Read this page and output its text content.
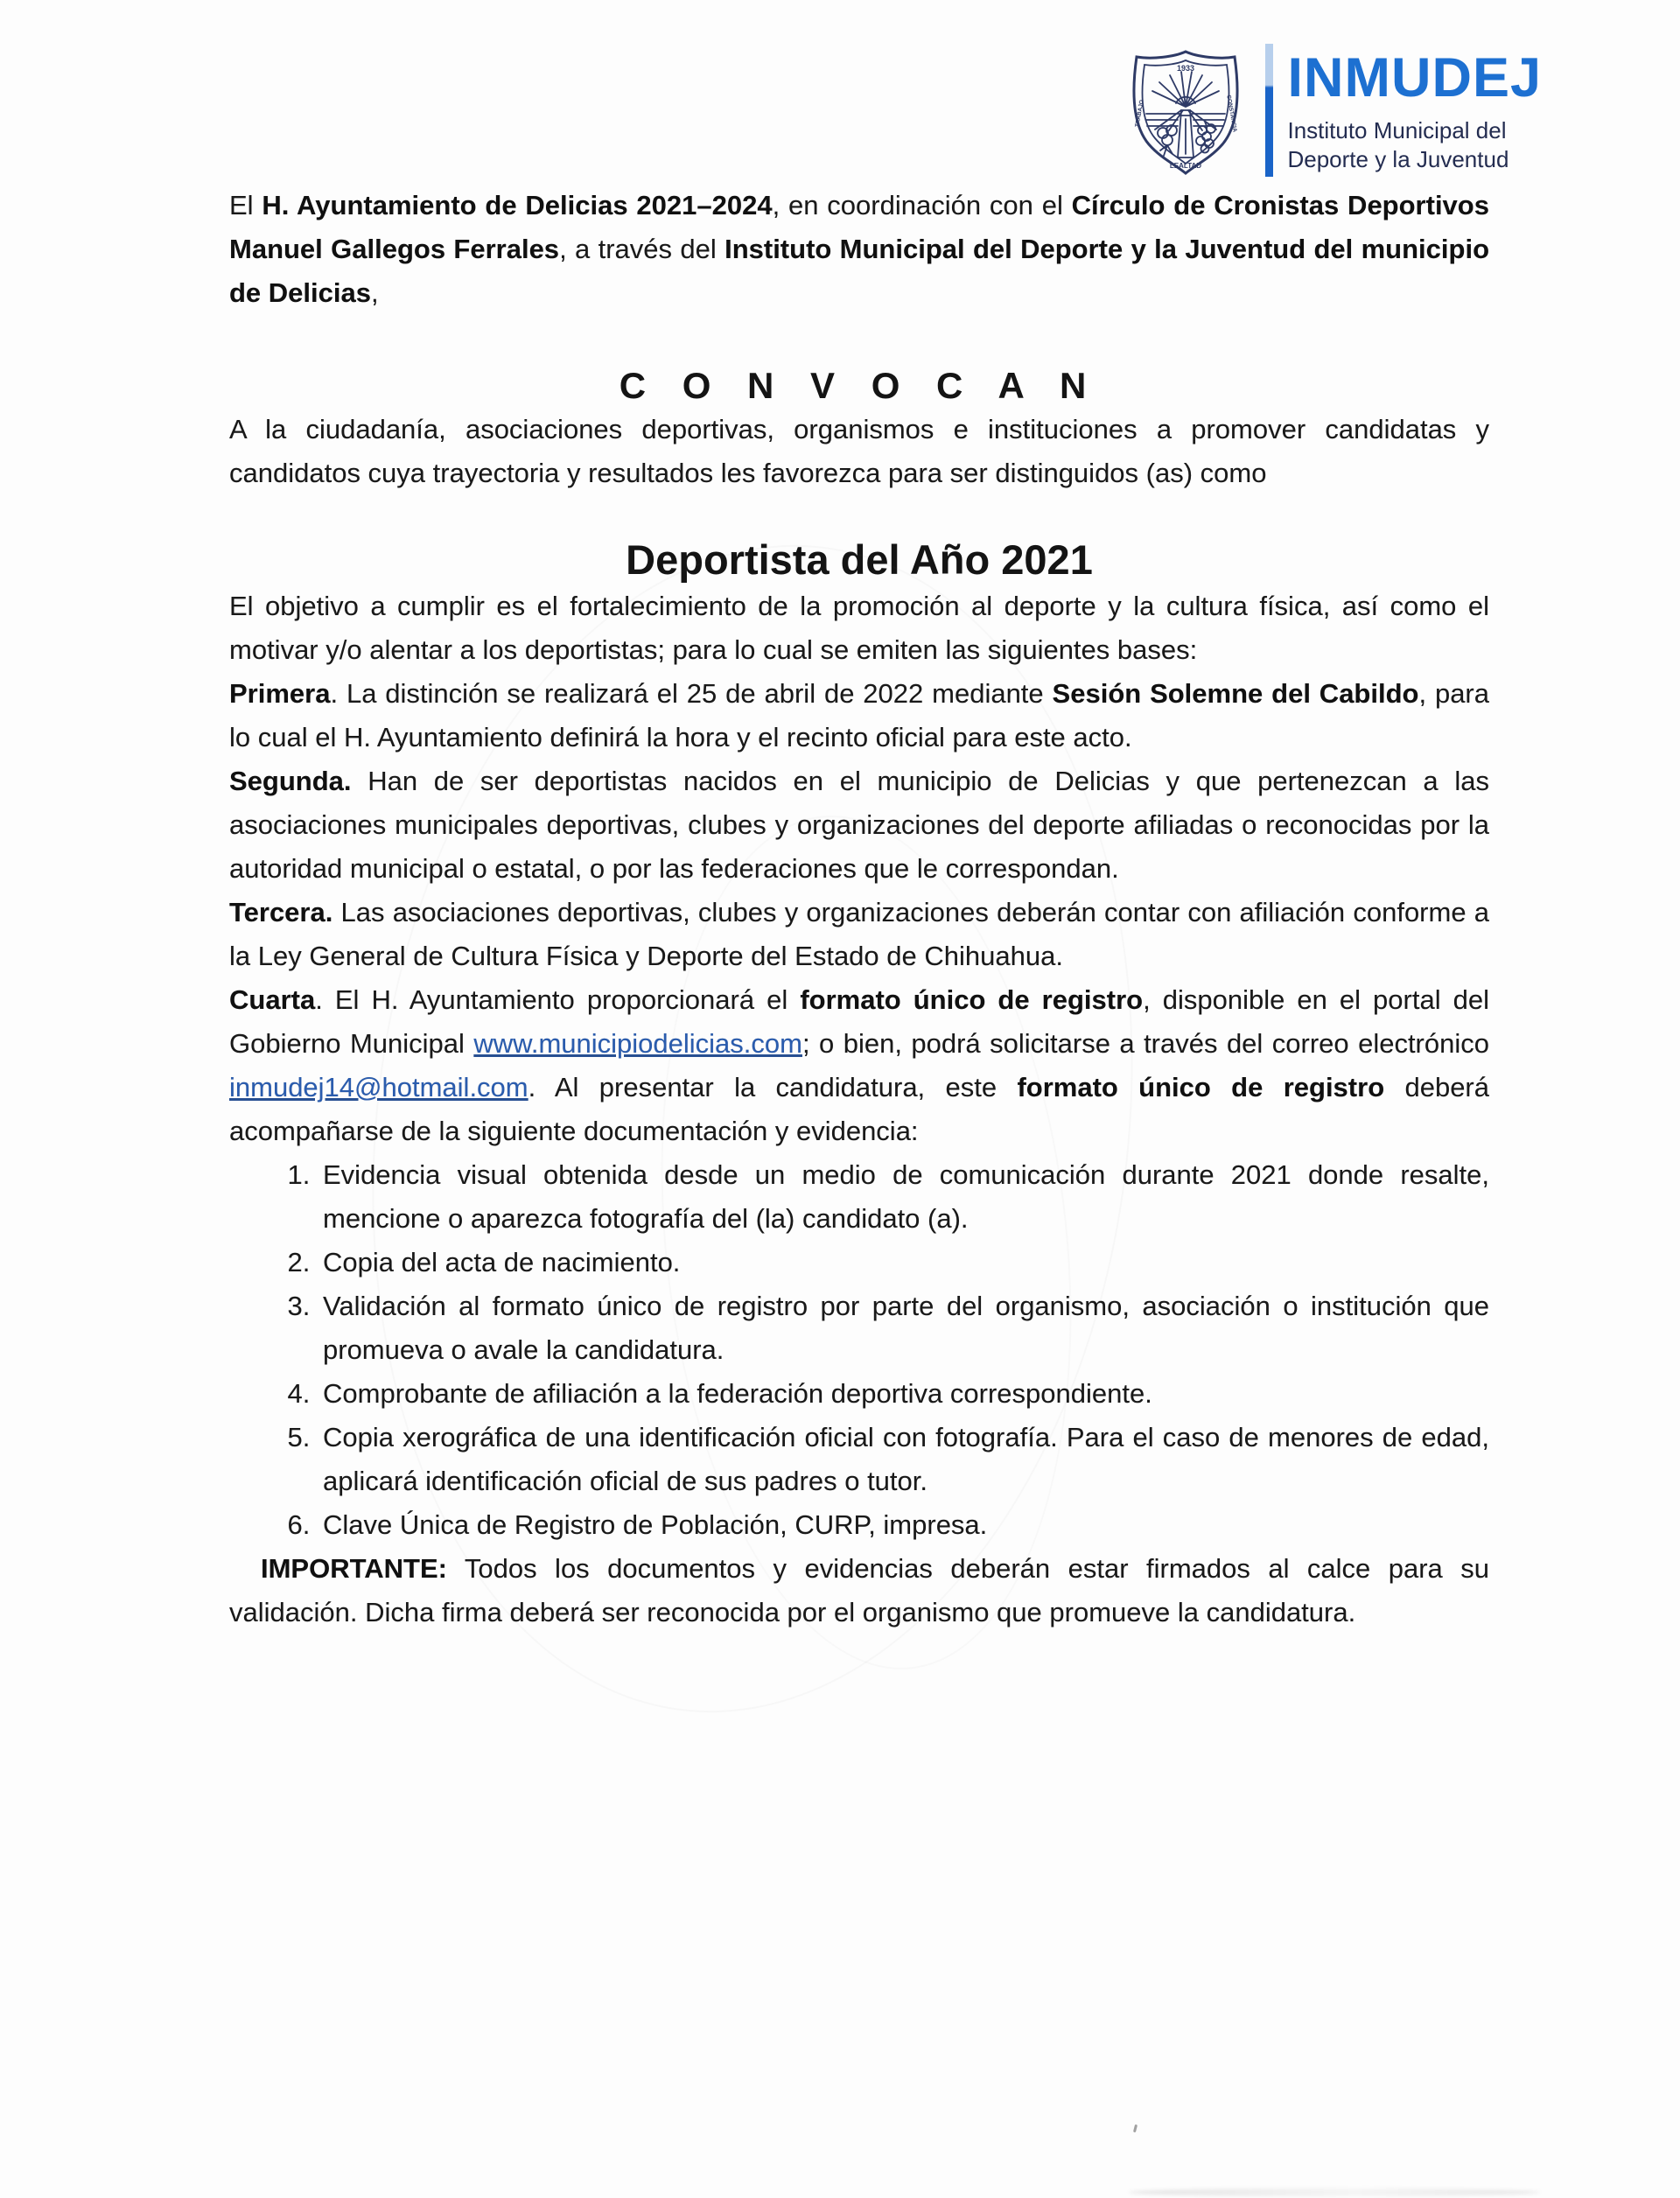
1933
TRABAJO	CONSTANCIA
LEALTAD
INMUDEJ
Instituto Municipal del
Deporte y la Juventud

El H. Ayuntamiento de Delicias 2021–2024, en coordinación con el Círculo de Cronistas Deportivos Manuel Gallegos Ferrales, a través del Instituto Municipal del Deporte y la Juventud del municipio de Delicias,

C O N V O C A N

A la ciudadanía, asociaciones deportivas, organismos e instituciones a promover candidatas y candidatos cuya trayectoria y resultados les favorezca para ser distinguidos (as) como

Deportista del Año 2021

El objetivo a cumplir es el fortalecimiento de la promoción al deporte y la cultura física, así como el motivar y/o alentar a los deportistas; para lo cual se emiten las siguientes bases:

Primera. La distinción se realizará el 25 de abril de 2022 mediante Sesión Solemne del Cabildo, para lo cual el H. Ayuntamiento definirá la hora y el recinto oficial para este acto.

Segunda. Han de ser deportistas nacidos en el municipio de Delicias y que pertenezcan a las asociaciones municipales deportivas, clubes y organizaciones del deporte afiliadas o reconocidas por la autoridad municipal o estatal, o por las federaciones que le correspondan.

Tercera. Las asociaciones deportivas, clubes y organizaciones deberán contar con afiliación conforme a la Ley General de Cultura Física y Deporte del Estado de Chihuahua.

Cuarta. El H. Ayuntamiento proporcionará el formato único de registro, disponible en el portal del Gobierno Municipal www.municipiodelicias.com; o bien, podrá solicitarse a través del correo electrónico inmudej14@hotmail.com. Al presentar la candidatura, este formato único de registro deberá acompañarse de la siguiente documentación y evidencia:

1. Evidencia visual obtenida desde un medio de comunicación durante 2021 donde resalte, mencione o aparezca fotografía del (la) candidato (a).
2. Copia del acta de nacimiento.
3. Validación al formato único de registro por parte del organismo, asociación o institución que promueva o avale la candidatura.
4. Comprobante de afiliación a la federación deportiva correspondiente.
5. Copia xerográfica de una identificación oficial con fotografía. Para el caso de menores de edad, aplicará identificación oficial de sus padres o tutor.
6. Clave Única de Registro de Población, CURP, impresa.

IMPORTANTE: Todos los documentos y evidencias deberán estar firmados al calce para su validación. Dicha firma deberá ser reconocida por el organismo que promueve la candidatura.
